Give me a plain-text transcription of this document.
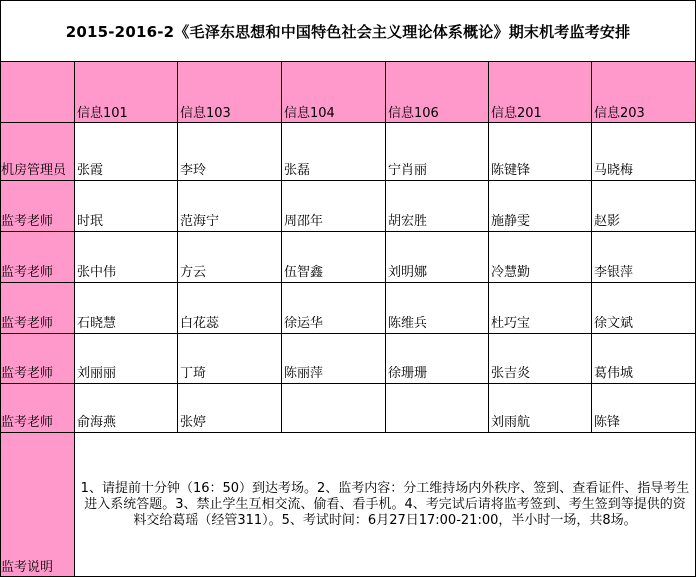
2015-2016-2《毛泽东思想和中国特色社会主义理论体系概论》期末机考监考安排
	信息101	信息103	信息104	信息106	信息201	信息203
机房管理员	张霞	李玲	张磊	宁肖丽	陈键锋	马晓梅
监考老师	时珉	范海宁	周邵年	胡宏胜	施静雯	赵影
监考老师	张中伟	方云	伍智鑫	刘明娜	冷慧勤	李银萍
监考老师	石晓慧	白花蕊	徐运华	陈维兵	杜巧宝	徐文斌
监考老师	刘丽丽	丁琦	陈丽萍	徐珊珊	张吉炎	葛伟城
监考老师	俞海燕	张婷			刘雨航	陈锋
监考说明	1、请提前十分钟（16：50）到达考场。2、监考内容：分工维持场内外秩序、签到、查看证件、指导考生进入系统答题。3、禁止学生互相交流、偷看、看手机。4、考完试后请将监考签到、考生签到等提供的资料交给葛瑶（经管311）。5、考试时间：6月27日17:00-21:00，半小时一场，共8场。					
